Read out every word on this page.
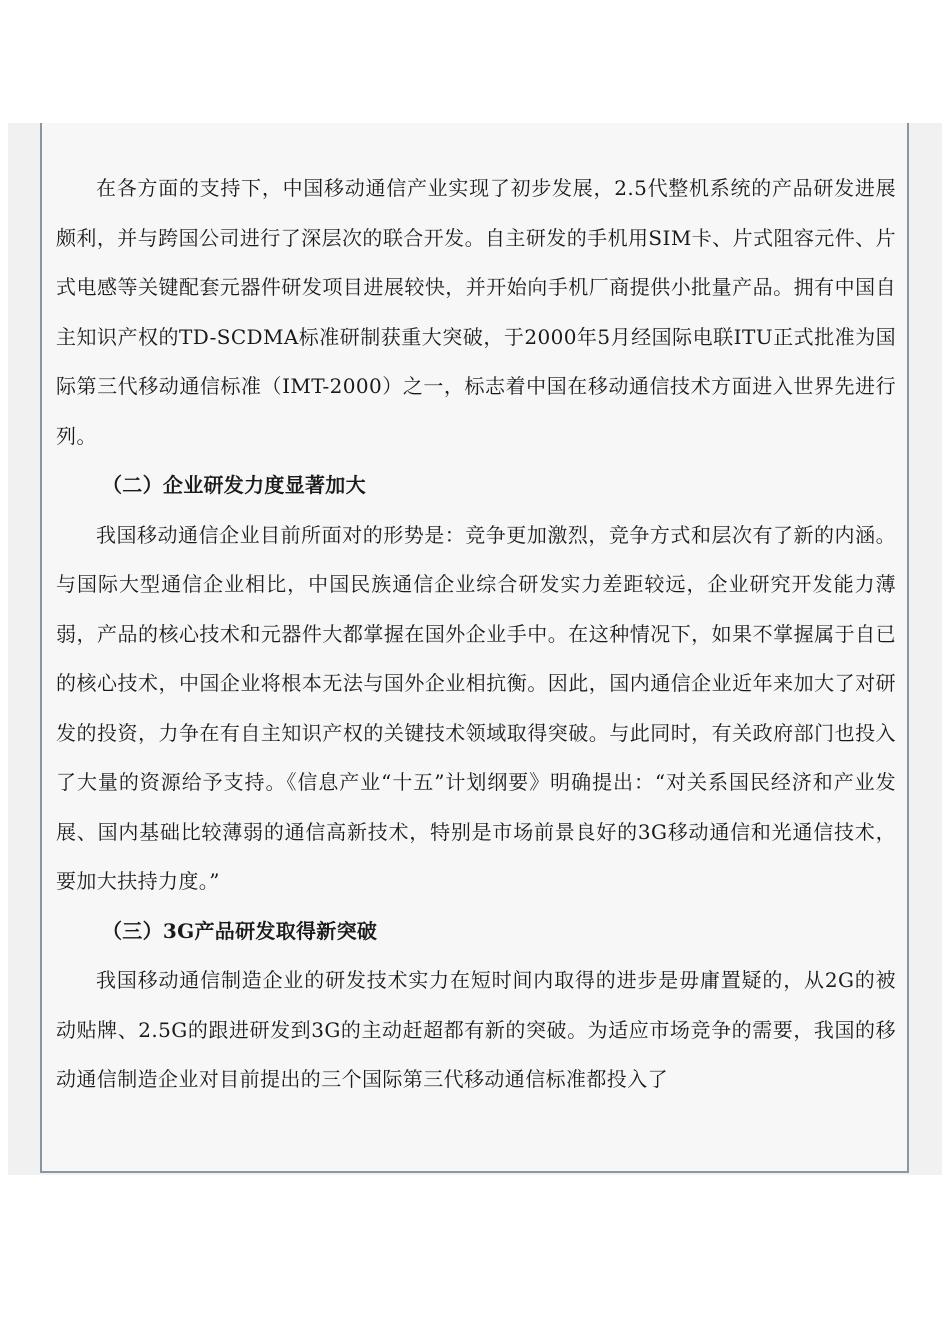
在各方面的支持下，中国移动通信产业实现了初步发展，2.5代整机系统的产品研发进展颇利，并与跨国公司进行了深层次的联合开发。自主研发的手机用SIM卡、片式阻容元件、片式电感等关键配套元器件研发项目进展较快，并开始向手机厂商提供小批量产品。拥有中国自主知识产权的TD-SCDMA标准研制获重大突破，于2000年5月经国际电联ITU正式批准为国际第三代移动通信标准（IMT-2000）之一，标志着中国在移动通信技术方面进入世界先进行列。

（二）企业研发力度显著加大

我国移动通信企业目前所面对的形势是：竞争更加激烈，竞争方式和层次有了新的内涵。与国际大型通信企业相比，中国民族通信企业综合研发实力差距较远，企业研究开发能力薄弱，产品的核心技术和元器件大都掌握在国外企业手中。在这种情况下，如果不掌握属于自已的核心技术，中国企业将根本无法与国外企业相抗衡。因此，国内通信企业近年来加大了对研发的投资，力争在有自主知识产权的关键技术领域取得突破。与此同时，有关政府部门也投入了大量的资源给予支持。《信息产业“十五”计划纲要》明确提出：“对关系国民经济和产业发展、国内基础比较薄弱的通信高新技术，特别是市场前景良好的3G移动通信和光通信技术，要加大扶持力度。”

（三）3G产品研发取得新突破

我国移动通信制造企业的研发技术实力在短时间内取得的进步是毋庸置疑的，从2G的被动贴牌、2.5G的跟进研发到3G的主动赶超都有新的突破。为适应市场竞争的需要，我国的移动通信制造企业对目前提出的三个国际第三代移动通信标准都投入了
